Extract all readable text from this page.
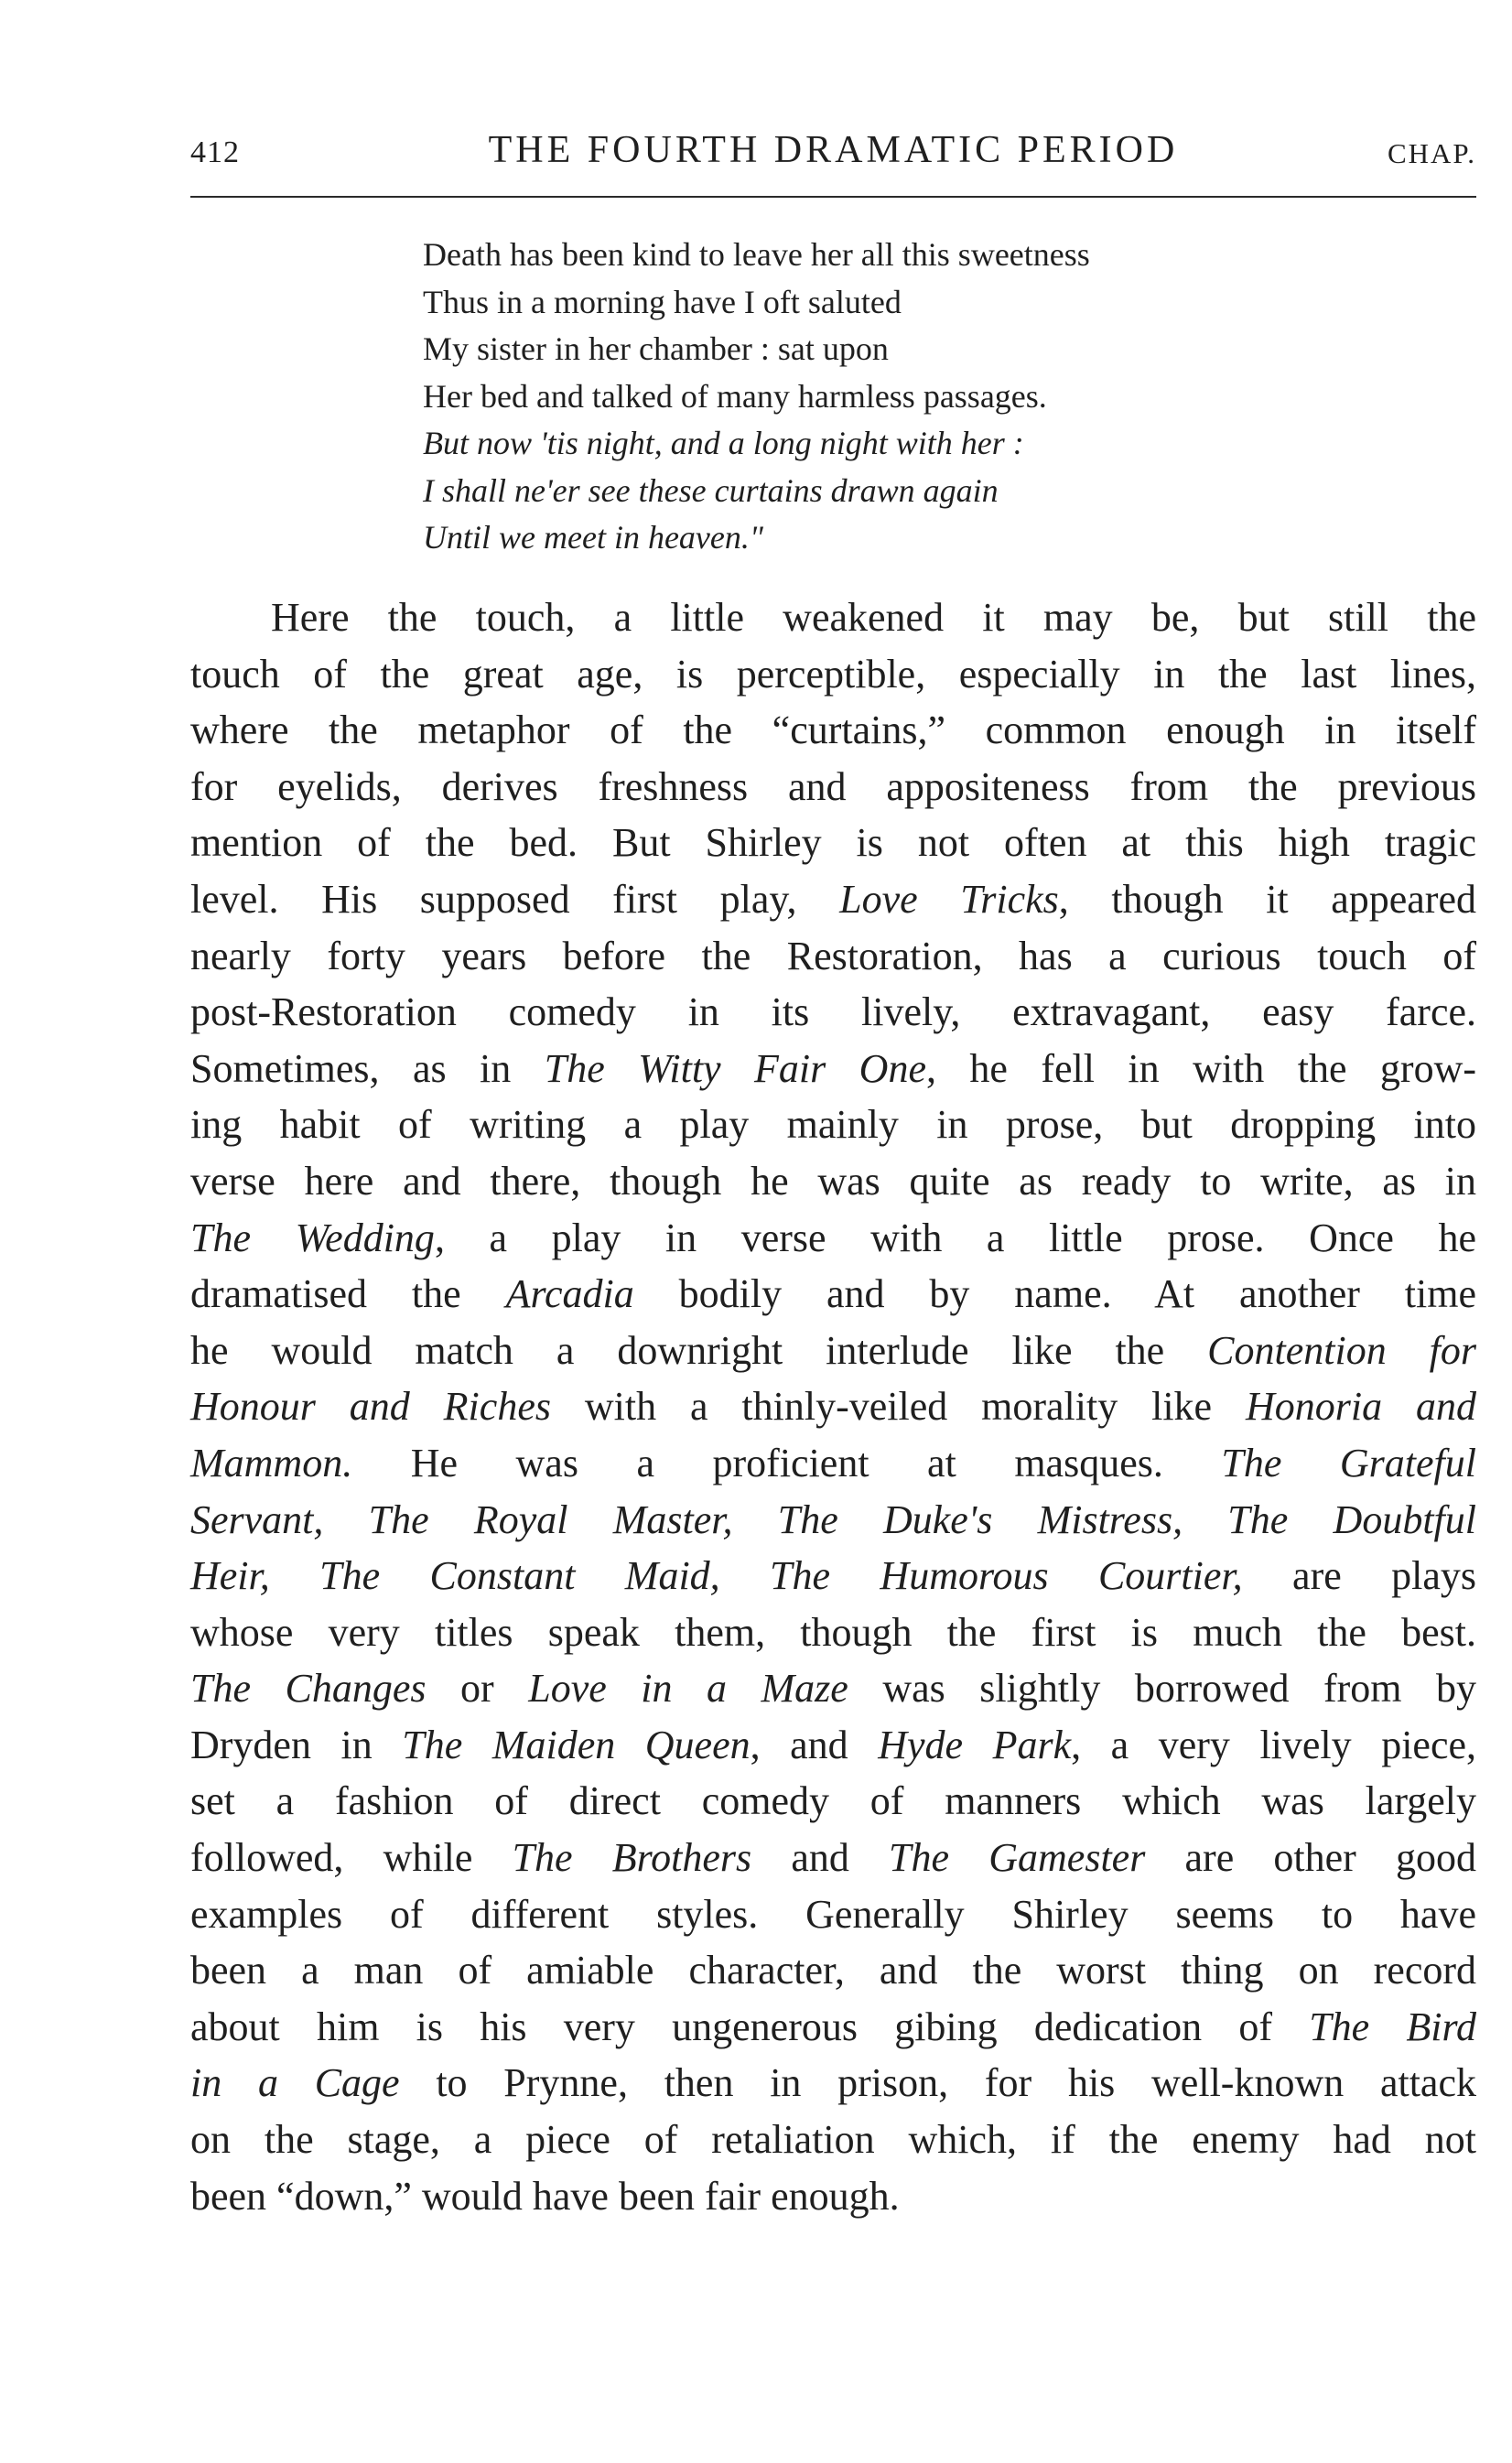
412	THE FOURTH DRAMATIC PERIOD	CHAP.
Death has been kind to leave her all this sweetness
Thus in a morning have I oft saluted
My sister in her chamber : sat upon
Her bed and talked of many harmless passages.
But now 'tis night, and a long night with her :
I shall ne'er see these curtains drawn again
Until we meet in heaven."
Here the touch, a little weakened it may be, but still the
touch of the great age, is perceptible, especially in the last lines,
where the metaphor of the “curtains,” common enough in itself
for eyelids, derives freshness and appositeness from the previous
mention of the bed. But Shirley is not often at this high tragic
level. His supposed first play, Love Tricks, though it appeared
nearly forty years before the Restoration, has a curious touch of
post-Restoration comedy in its lively, extravagant, easy farce.
Sometimes, as in The Witty Fair One, he fell in with the grow-
ing habit of writing a play mainly in prose, but dropping into
verse here and there, though he was quite as ready to write, as in
The Wedding, a play in verse with a little prose. Once he
dramatised the Arcadia bodily and by name. At another time
he would match a downright interlude like the Contention for
Honour and Riches with a thinly-veiled morality like Honoria and
Mammon. He was a proficient at masques. The Grateful
Servant, The Royal Master, The Duke's Mistress, The Doubtful
Heir, The Constant Maid, The Humorous Courtier, are plays
whose very titles speak them, though the first is much the best.
The Changes or Love in a Maze was slightly borrowed from by
Dryden in The Maiden Queen, and Hyde Park, a very lively piece,
set a fashion of direct comedy of manners which was largely
followed, while The Brothers and The Gamester are other good
examples of different styles. Generally Shirley seems to have
been a man of amiable character, and the worst thing on record
about him is his very ungenerous gibing dedication of The Bird
in a Cage to Prynne, then in prison, for his well-known attack
on the stage, a piece of retaliation which, if the enemy had not
been “down,” would have been fair enough.
